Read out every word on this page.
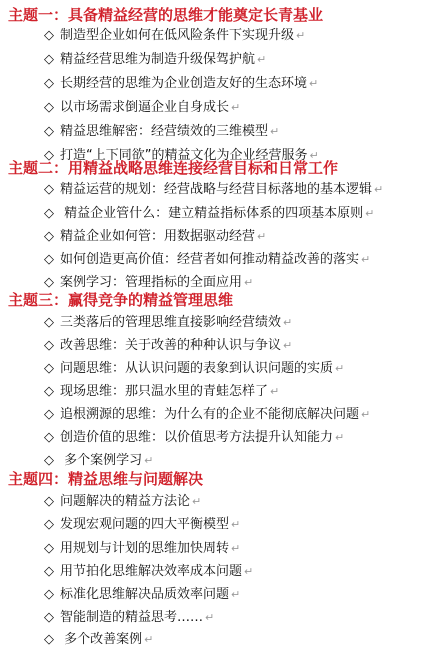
主题一：具备精益经营的思维才能奠定长青基业
◇ 制造型企业如何在低风险条件下实现升级 ↵
◇ 精益经营思维为制造升级保驾护航 ↵
◇ 长期经营的思维为企业创造友好的生态环境 ↵
◇ 以市场需求倒逼企业自身成长 ↵
◇ 精益思维解密：经营绩效的三维模型 ↵
◇ 打造“上下同欲”的精益文化为企业经营服务 ↵
主题二：用精益战略思维连接经营目标和日常工作
◇ 精益运营的规划：经营战略与经营目标落地的基本逻辑 ↵
◇ 精益企业管什么：建立精益指标体系的四项基本原则 ↵
◇ 精益企业如何管：用数据驱动经营 ↵
◇ 如何创造更高价值：经营者如何推动精益改善的落实 ↵
◇ 案例学习：管理指标的全面应用 ↵
主题三：赢得竞争的精益管理思维
◇ 三类落后的管理思维直接影响经营绩效 ↵
◇ 改善思维：关于改善的种种认识与争议 ↵
◇ 问题思维：从认识问题的表象到认识问题的实质 ↵
◇ 现场思维：那只温水里的青蛙怎样了 ↵
◇ 追根溯源的思维：为什么有的企业不能彻底解决问题 ↵
◇ 创造价值的思维：以价值思考方法提升认知能力 ↵
◇ 多个案例学习 ↵
主题四：精益思维与问题解决
◇ 问题解决的精益方法论 ↵
◇ 发现宏观问题的四大平衡模型 ↵
◇ 用规划与计划的思维加快周转 ↵
◇ 用节拍化思维解决效率成本问题 ↵
◇ 标准化思维解决品质效率问题 ↵
◇ 智能制造的精益思考…… ↵
◇ 多个改善案例 ↵
